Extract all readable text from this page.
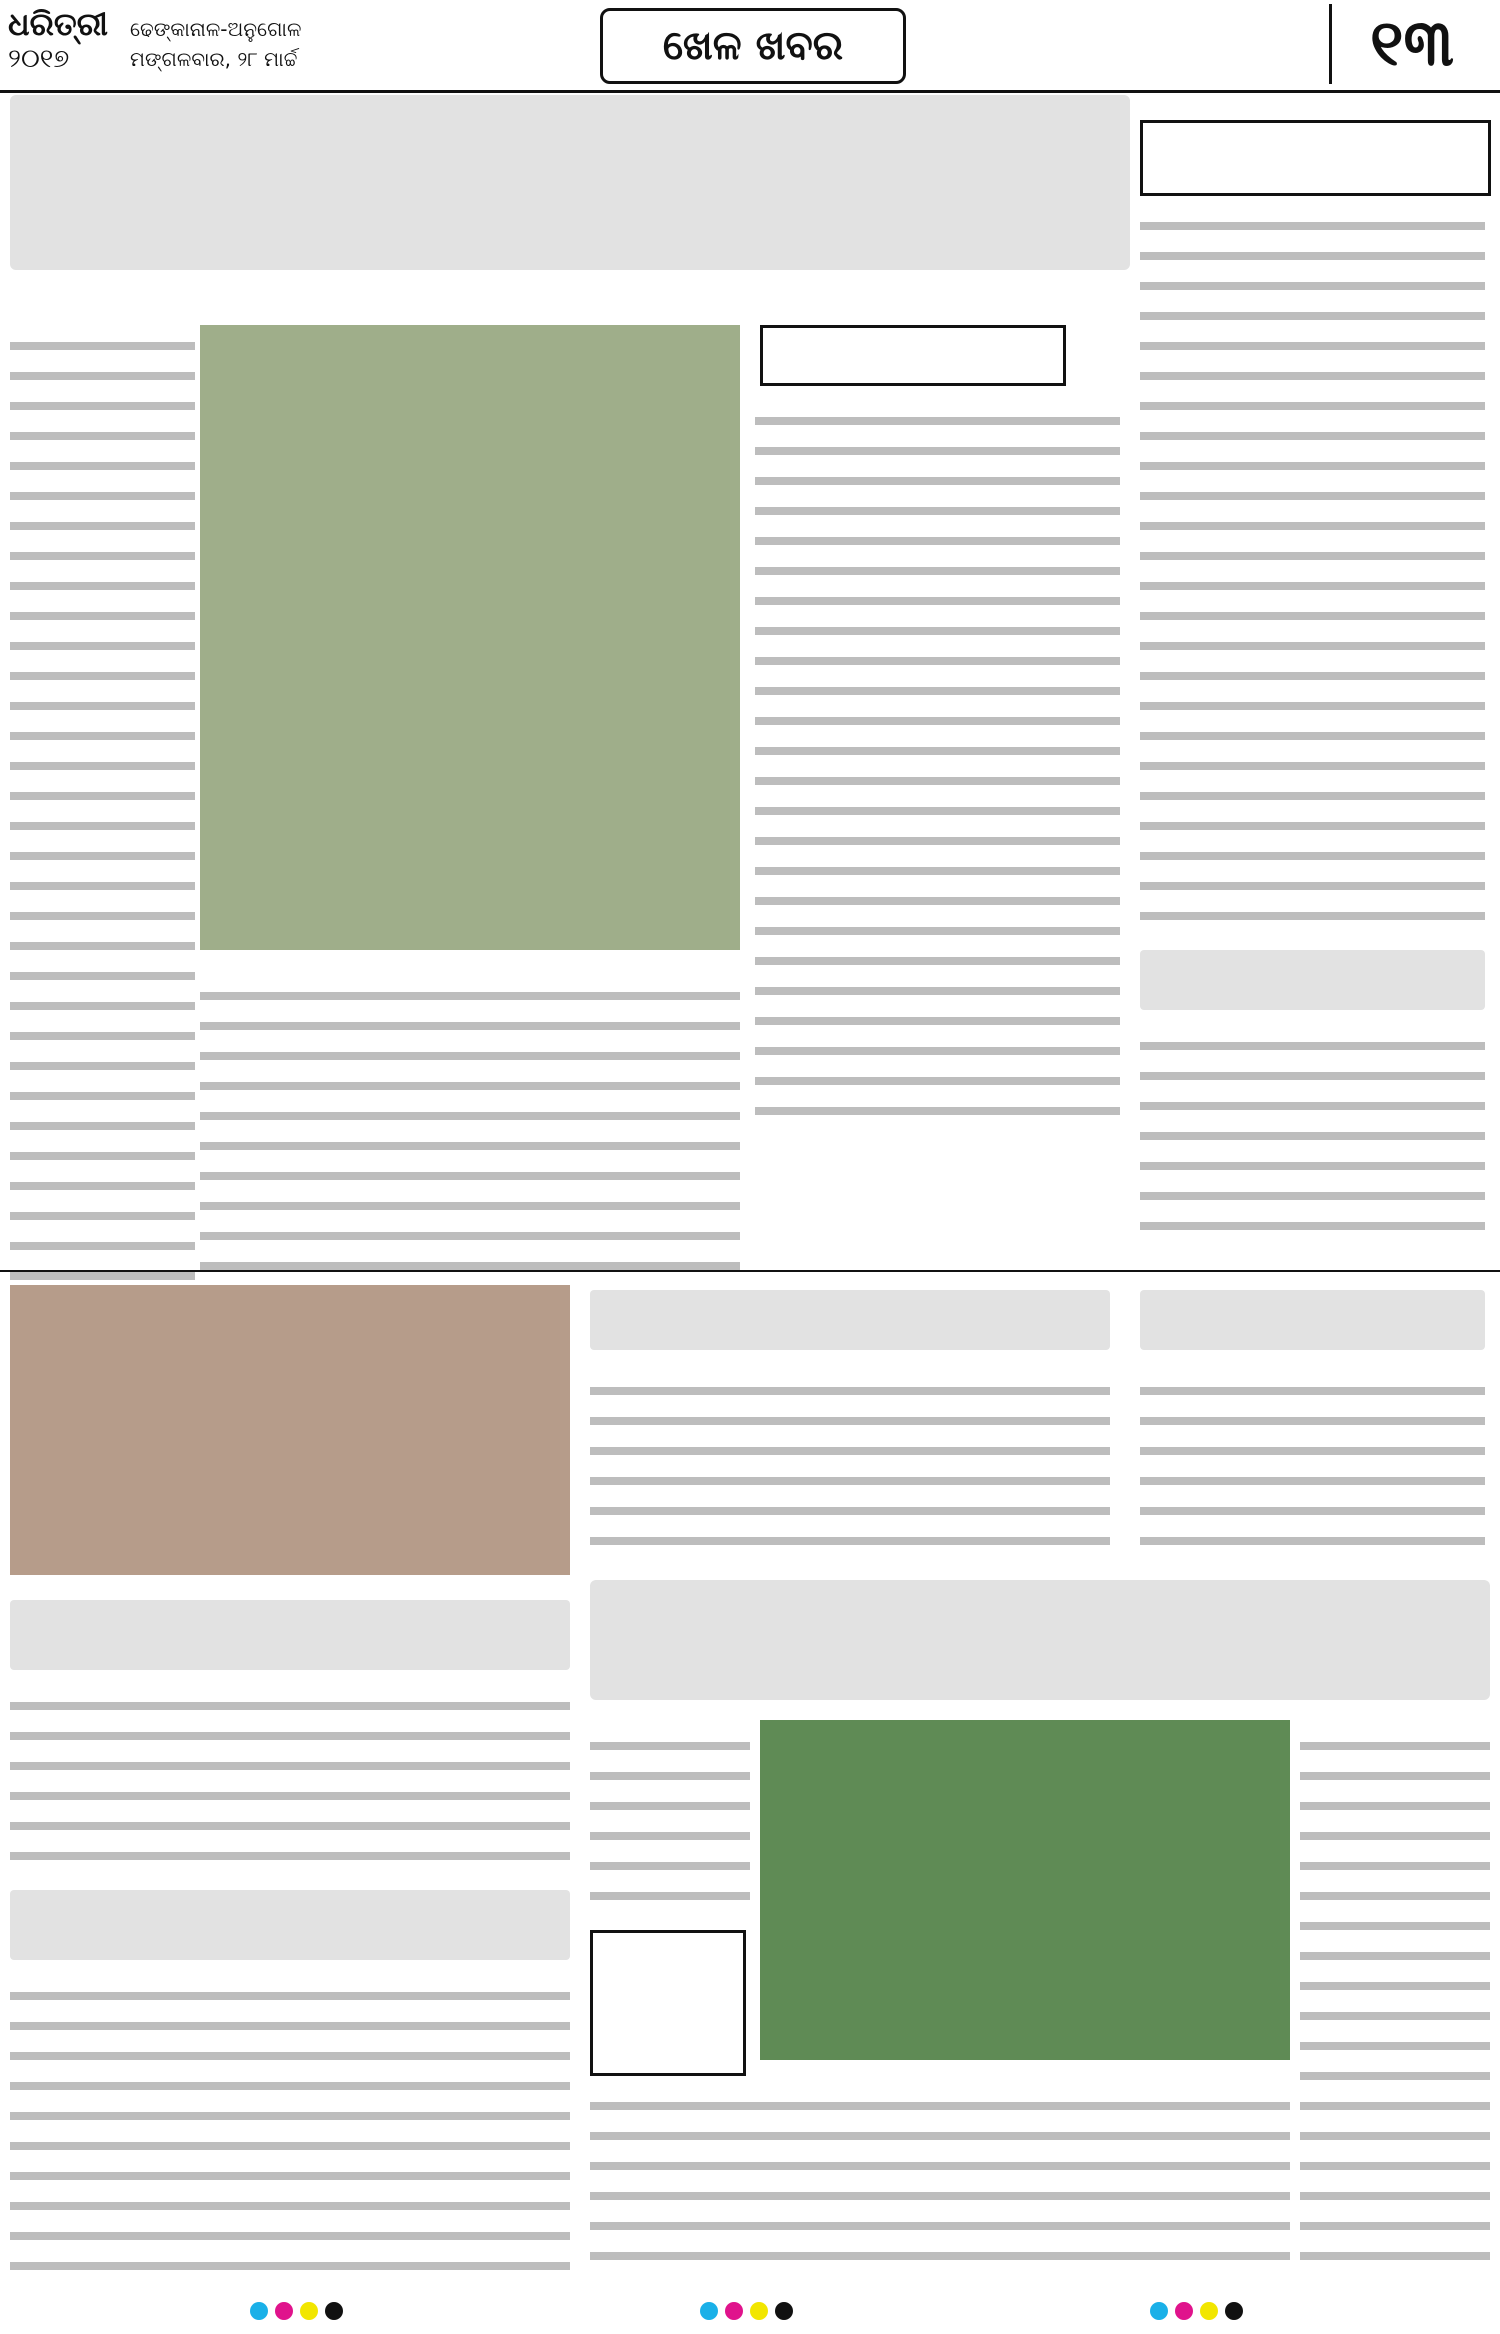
ଧରିତ୍ରୀ
୨୦୧୭
ଢେଙ୍କାନାଳ-ଅନୁଗୋଳ
ମଙ୍ଗଳବାର, ୨୮ ମାର୍ଚ୍ଚ	ଖେଳ ଖବର	୧୩
